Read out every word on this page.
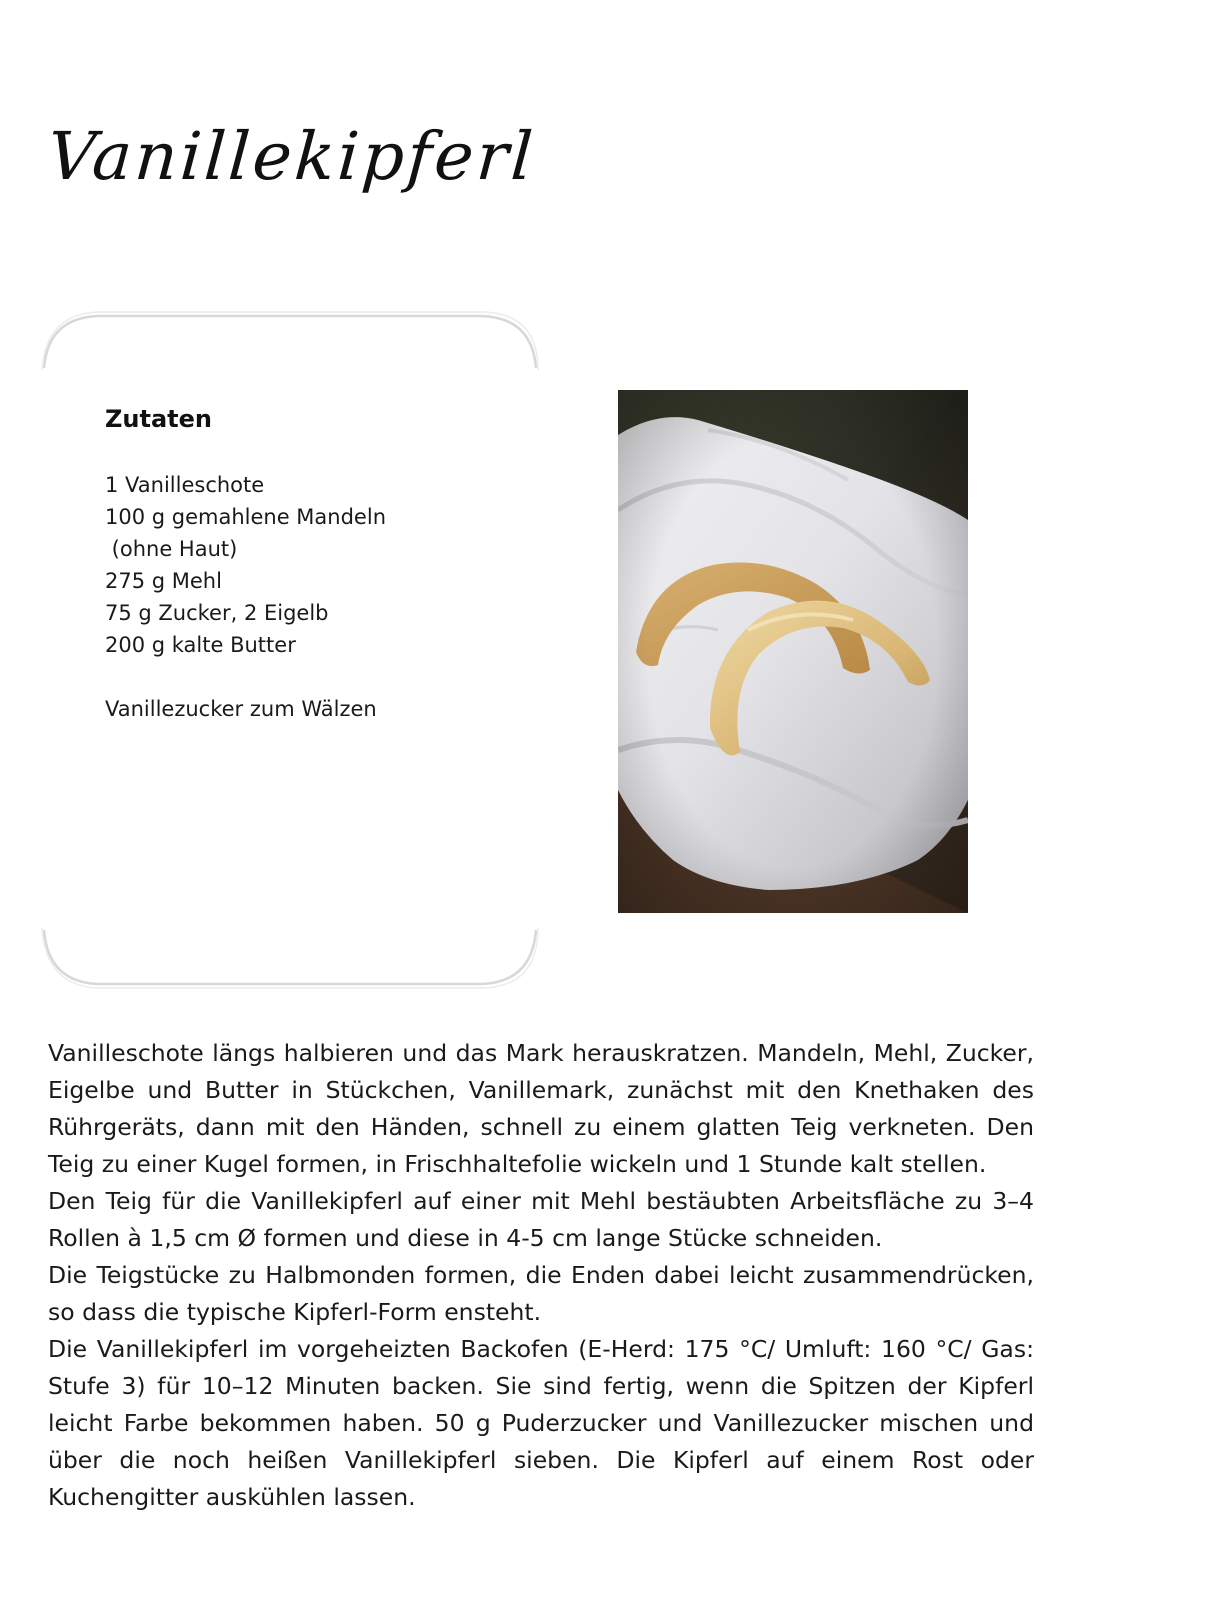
Vanillekipferl
Zutaten
1 Vanilleschote
100 g gemahlene Mandeln
(ohne Haut)
275 g Mehl
75 g Zucker, 2 Eigelb
200 g kalte Butter
Vanillezucker zum Wälzen

Vanilleschote längs halbieren und das Mark herauskratzen. Mandeln, Mehl, Zucker, Eigelbe und Butter in Stückchen, Vanillemark, zunächst mit den Knethaken des Rührgeräts, dann mit den Händen, schnell zu einem glatten Teig verkneten. Den Teig zu einer Kugel formen, in Frischhaltefolie wickeln und 1 Stunde kalt stellen.

Den Teig für die Vanillekipferl auf einer mit Mehl bestäubten Arbeitsfläche zu 3–4 Rollen à 1,5 cm Ø formen und diese in 4-5 cm lange Stücke schneiden.

Die Teigstücke zu Halbmonden formen, die Enden dabei leicht zusammendrücken, so dass die typische Kipferl-Form ensteht.

Die Vanillekipferl im vorgeheizten Backofen (E-Herd: 175 °C/ Umluft: 160 °C/ Gas: Stufe 3) für 10–12 Minuten backen. Sie sind fertig, wenn die Spitzen der Kipferl leicht Farbe bekommen haben. 50 g Puderzucker und Vanillezucker mischen und über die noch heißen Vanillekipferl sieben. Die Kipferl auf einem Rost oder Kuchengitter auskühlen lassen.
